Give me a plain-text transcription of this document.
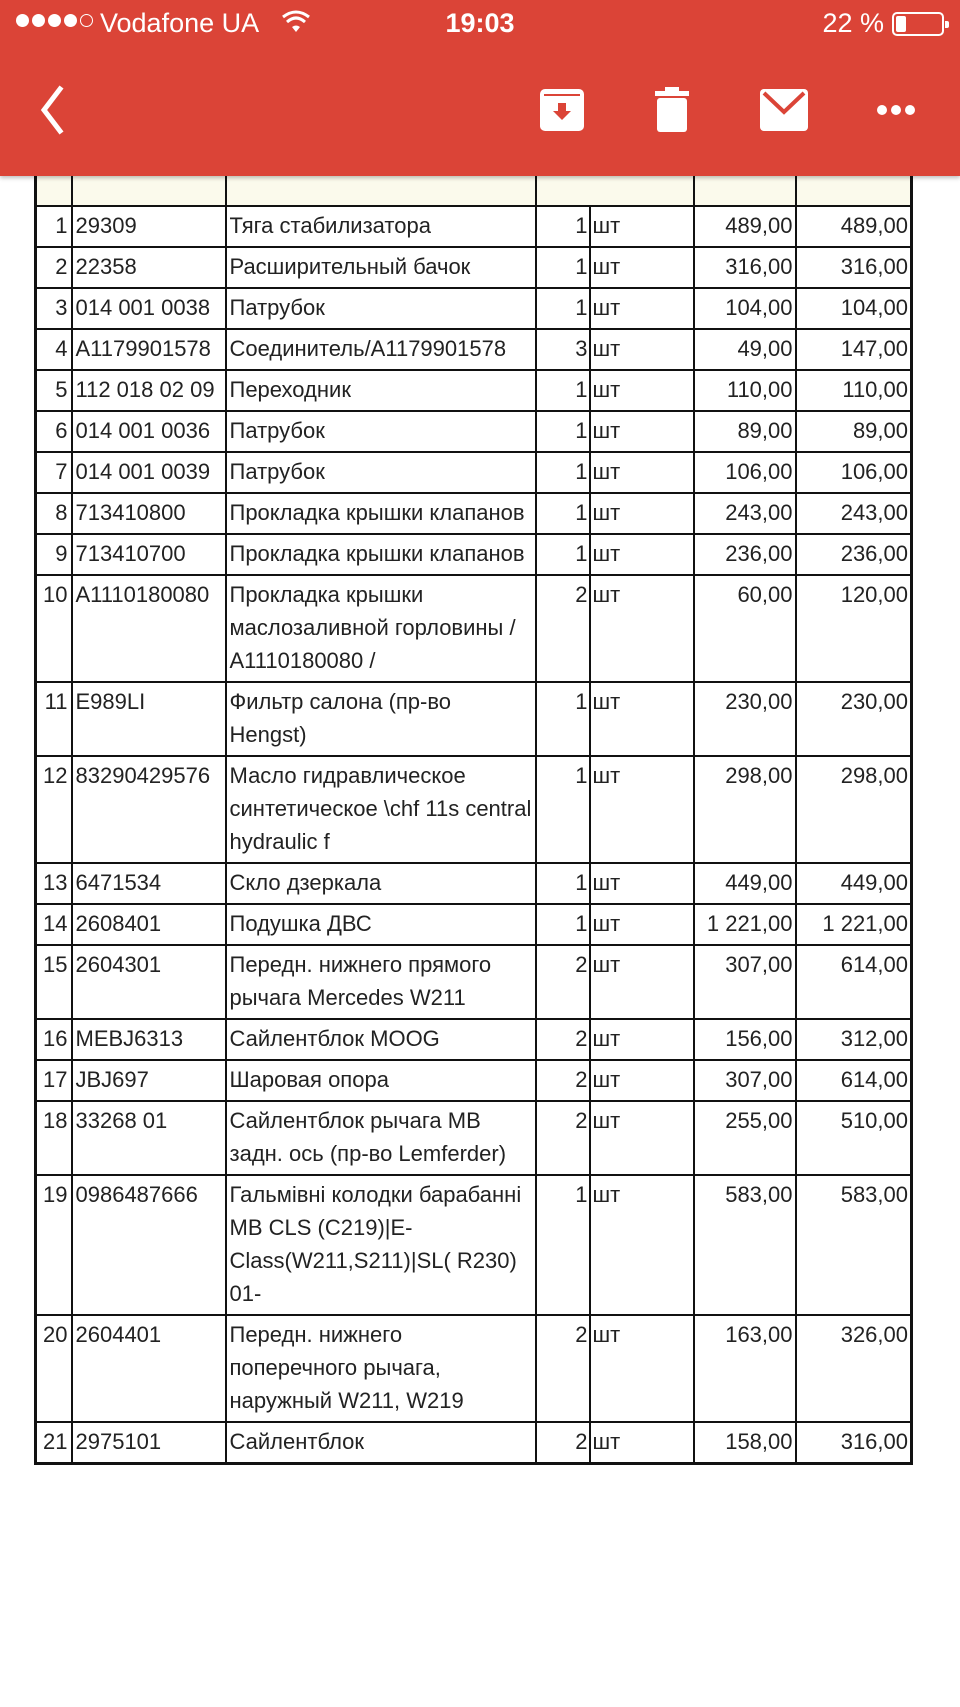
Vodafone UA	19:03	22 %

1	29309	Тяга стабилизатора	1	шт	489,00	489,00
2	22358	Расширительный бачок	1	шт	316,00	316,00
3	014 001 0038	Патрубок	1	шт	104,00	104,00
4	A1179901578	Соединитель/A1179901578	3	шт	49,00	147,00
5	112 018 02 09	Переходник	1	шт	110,00	110,00
6	014 001 0036	Патрубок	1	шт	89,00	89,00
7	014 001 0039	Патрубок	1	шт	106,00	106,00
8	713410800	Прокладка крышки клапанов	1	шт	243,00	243,00
9	713410700	Прокладка крышки клапанов	1	шт	236,00	236,00
10	A1110180080	Прокладка крышки маслозаливной горловины / A1110180080 /	2	шт	60,00	120,00
11	E989LI	Фильтр салона (пр-во Hengst)	1	шт	230,00	230,00
12	83290429576	Масло гидравлическое синтетическое \chf 11s central hydraulic f	1	шт	298,00	298,00
13	6471534	Скло дзеркала	1	шт	449,00	449,00
14	2608401	Подушка ДВС	1	шт	1 221,00	1 221,00
15	2604301	Передн. нижнего прямого рычага Mercedes W211	2	шт	307,00	614,00
16	MEBJ6313	Сайлентблок MOOG	2	шт	156,00	312,00
17	JBJ697	Шаровая опора	2	шт	307,00	614,00
18	33268 01	Сайлентблок рычага MB задн. ось (пр-во Lemferder)	2	шт	255,00	510,00
19	0986487666	Гальмівні колодки барабанні MB CLS (C219)|E-Class(W211,S211)|SL( R230) 01-	1	шт	583,00	583,00
20	2604401	Передн. нижнего поперечного рычага, наружный W211, W219	2	шт	163,00	326,00
21	2975101	Сайлентблок	2	шт	158,00	316,00
